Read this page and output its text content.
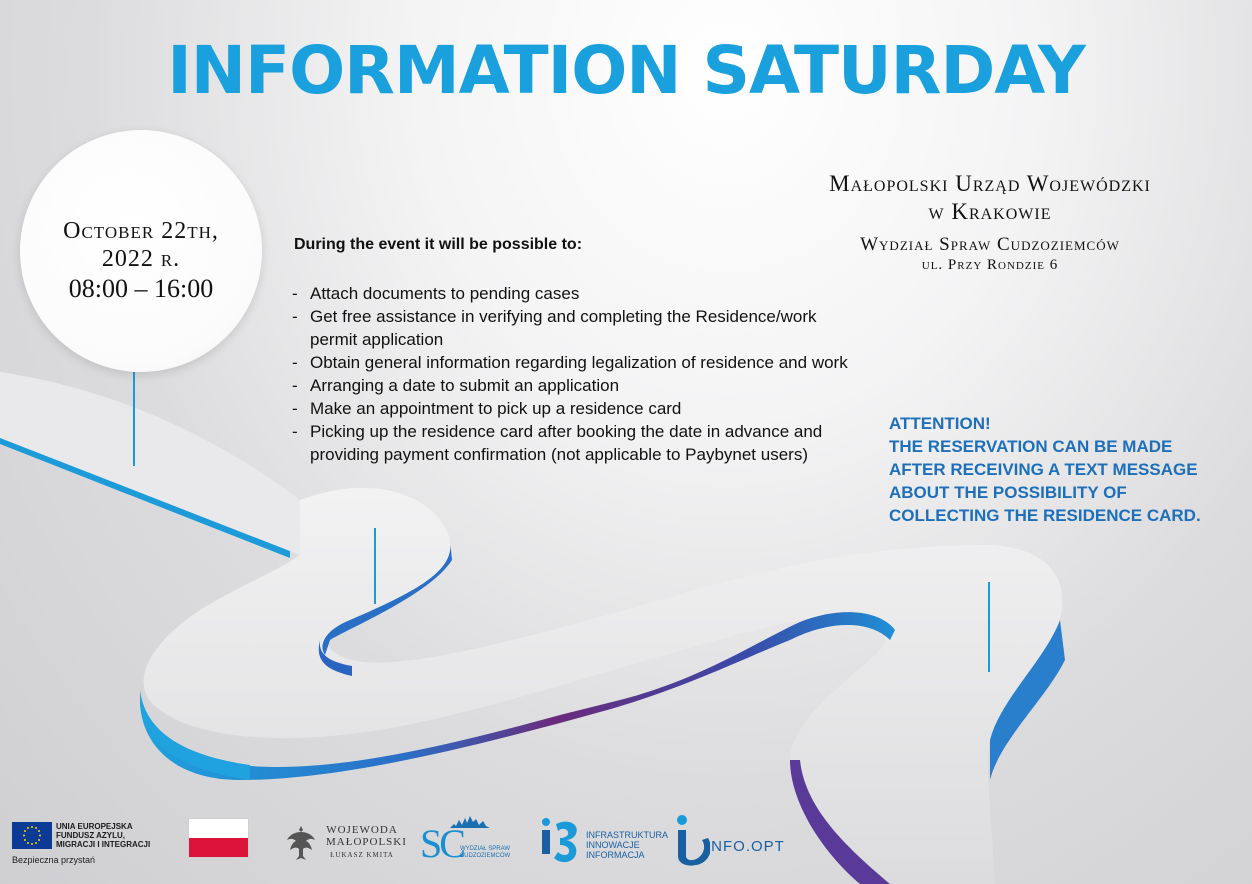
INFORMATION SATURDAY
October 22th,
2022 r.
08:00 – 16:00
Małopolski Urząd Wojewódzki
w Krakowie
Wydział Spraw Cudzoziemców
ul. Przy Rondzie 6
During the event it will be possible to:
- Attach documents to pending cases
- Get free assistance in verifying and completing the Residence/work permit application
- Obtain general information regarding legalization of residence and work
- Arranging a date to submit an application
- Make an appointment to pick up a residence card
- Picking up the residence card after booking the date in advance and providing payment confirmation (not applicable to Paybynet users)
ATTENTION!
THE RESERVATION CAN BE MADE
AFTER RECEIVING A TEXT MESSAGE
ABOUT THE POSSIBILITY OF
COLLECTING THE RESIDENCE CARD.
UNIA EUROPEJSKA
FUNDUSZ AZYLU,
MIGRACJI I INTEGRACJI
Bezpieczna przystań
WOJEWODA
MAŁOPOLSKI
ŁUKASZ KMITA SC
WYDZIAŁ SPRAW
CUDZOZIEMCÓW
INFRASTRUKTURA
INNOWACJE
INFORMACJA	INFO.OPT
